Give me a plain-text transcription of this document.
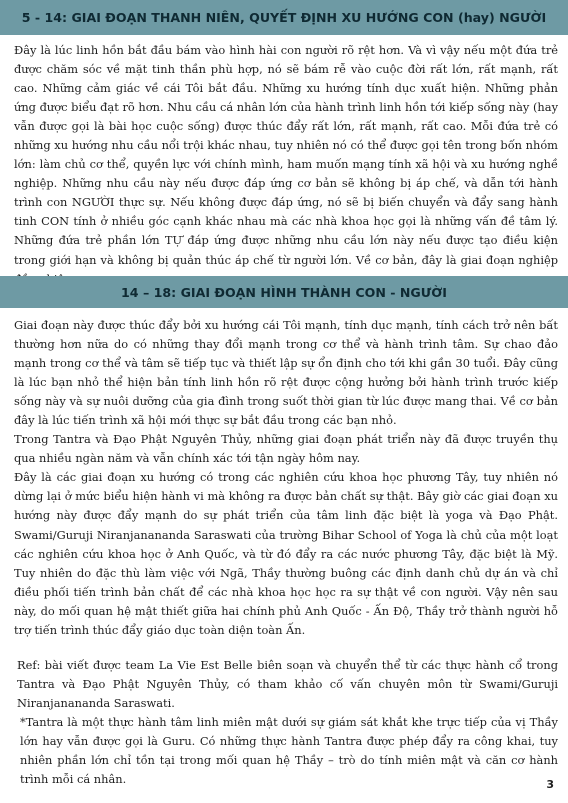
5 - 14: GIAI ĐOẠN THANH NIÊN, QUYẾT ĐỊNH XU HƯỚNG CON (hay) NGƯỜI

Đây là lúc linh hồn bắt đầu bám vào hình hài con người rõ rệt hơn. Và vì vậy nếu một đứa trẻ được chăm sóc về mặt tinh thần phù hợp, nó sẽ bám rễ vào cuộc đời rất lớn, rất mạnh, rất cao. Những cảm giác về cái Tôi bắt đầu. Những xu hướng tính dục xuất hiện. Những phản ứng được biểu đạt rõ hơn. Nhu cầu cá nhân lớn của hành trình linh hồn tới kiếp sống này (hay vẫn được gọi là bài học cuộc sống) được thúc đẩy rất lớn, rất mạnh, rất cao. Mỗi đứa trẻ có những xu hướng nhu cầu nổi trội khác nhau, tuy nhiên nó có thể được gọi tên trong bốn nhóm lớn: làm chủ cơ thể, quyền lực với chính mình, ham muốn mạng tính xã hội và xu hướng nghề nghiệp. Những nhu cầu này nếu được đáp ứng cơ bản sẽ không bị áp chế, và dẫn tới hành trình con NGƯỜI thực sự. Nếu không được đáp ứng, nó sẽ bị biến chuyển và đẩy sang hành tinh CON tính ở nhiều góc cạnh khác nhau mà các nhà khoa học gọi là những vấn đề tâm lý. Những đứa trẻ phần lớn TỰ đáp ứng được những nhu cầu lớn này nếu được tạo điều kiện trong giới hạn và không bị quản thúc áp chế từ người lớn. Về cơ bản, đây là giai đoạn nghiệp

14 – 18: GIAI ĐOẠN HÌNH THÀNH CON - NGƯỜI

Giai đoạn này được thúc đẩy bởi xu hướng cái Tôi mạnh, tính dục mạnh, tính cách trở nên bất thường hơn nữa do có những thay đổi mạnh trong cơ thể và hành trình tâm. Sự chao đảo mạnh trong cơ thể và tâm sẽ tiếp tục và thiết lập sự ổn định cho tới khi gần 30 tuổi. Đây cũng là lúc bạn nhỏ thể hiện bản tính linh hồn rõ rệt được cộng hưởng bởi hành trình trước kiếp sống này và sự nuôi dưỡng của gia đình trong suốt thời gian từ lúc được mang thai. Về cơ bản đây là lúc tiến trình xã hội mới thực sự bắt đầu trong các bạn nhỏ.

Trong Tantra và Đạo Phật Nguyên Thủy, những giai đoạn phát triển này đã được truyền thụ qua nhiều ngàn năm và vẫn chính xác tới tận ngày hôm nay.

Đây là các giai đoạn xu hướng có trong các nghiên cứu khoa học phương Tây, tuy nhiên nó dừng lại ở mức biểu hiện hành vi mà không ra được bản chất sự thật. Bây giờ các giai đoạn xu hướng này được đẩy mạnh do sự phát triển của tâm linh đặc biệt là yoga và Đạo Phật. Swami/Guruji Niranjanananda Saraswati của trường Bihar School of Yoga là chủ của một loạt các nghiên cứu khoa học ở Anh Quốc, và từ đó đẩy ra các nước phương Tây, đặc biệt là Mỹ. Tuy nhiên do đặc thù làm việc với Ngã, Thầy thường buông các định danh chủ dự án và chỉ điều phối tiến trình bản chất để các nhà khoa học học ra sự thật về con người. Vậy nên sau này, do mối quan hệ mật thiết giữa hai chính phủ Anh Quốc - Ấn Độ, Thầy trở thành người hỗ trợ tiến trình thúc đẩy giáo dục toàn diện toàn Ấn.

Ref: bài viết được team La Vie Est Belle biên soạn và chuyển thể từ các thực hành cổ trong Tantra và Đạo Phật Nguyên Thủy, có tham khảo cố vấn chuyên môn từ Swami/Guruji Niranjanananda Saraswati.

*Tantra là một thực hành tâm linh miên mật dưới sự giám sát khắt khe trực tiếp của vị Thầy lớn hay vẫn được gọi là Guru. Có những thực hành Tantra được phép đẩy ra công khai, tuy nhiên phần lớn chỉ tồn tại trong mối quan hệ Thầy – trò do tính miên mật và căn cơ hành trình mỗi cá nhân.	3
